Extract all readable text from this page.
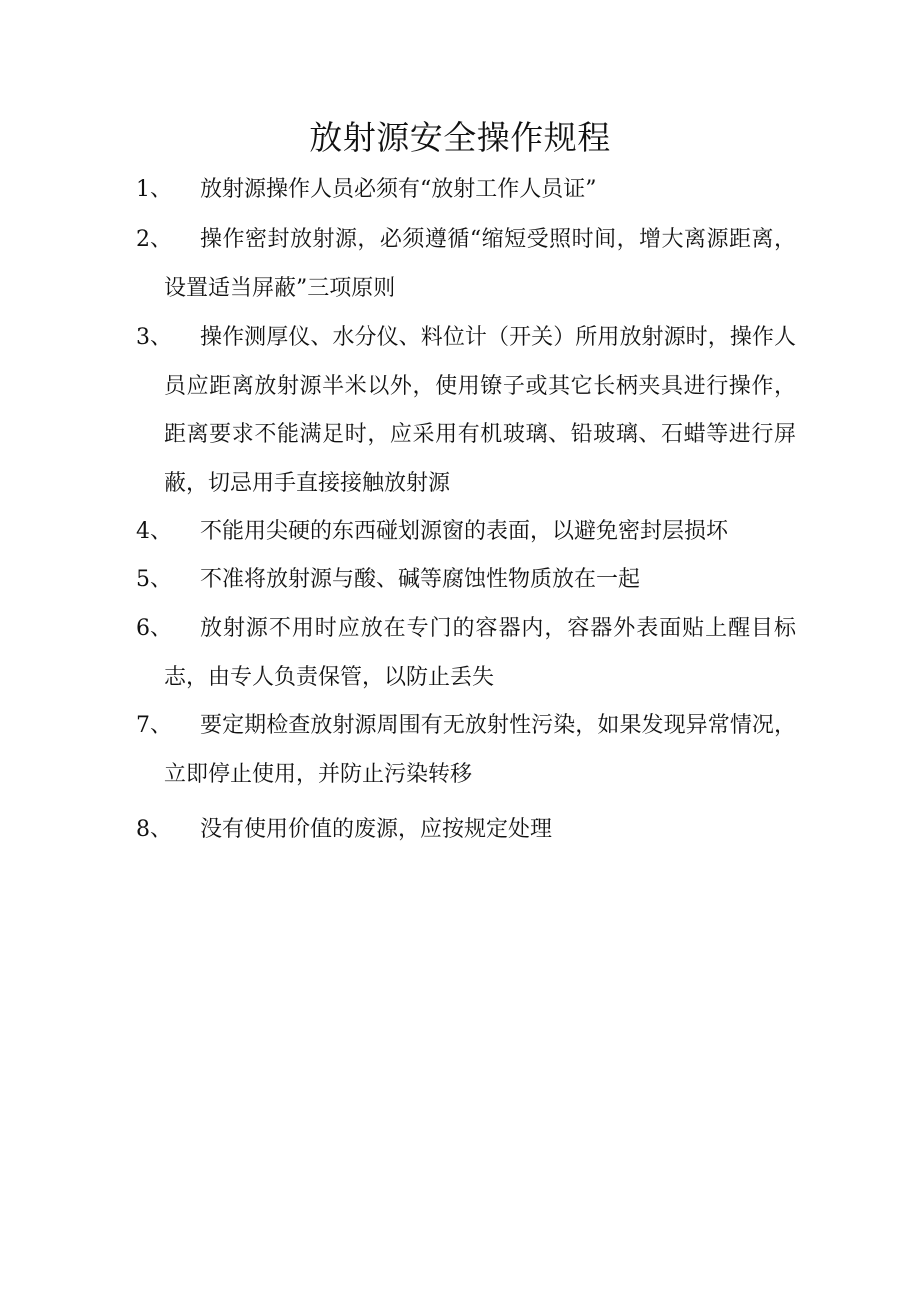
放射源安全操作规程
1、	放射源操作人员必须有“放射工作人员证”
2、	操作密封放射源，必须遵循“缩短受照时间，增大离源距离，设置适当屏蔽”三项原则
3、	操作测厚仪、水分仪、料位计（开关）所用放射源时，操作人员应距离放射源半米以外，使用镣子或其它长柄夹具进行操作，距离要求不能满足时，应采用有机玻璃、铅玻璃、石蜡等进行屏蔽，切忌用手直接接触放射源
4、	不能用尖硬的东西碰划源窗的表面，以避免密封层损坏
5、	不准将放射源与酸、碱等腐蚀性物质放在一起
6、	放射源不用时应放在专门的容器内，容器外表面贴上醒目标志，由专人负责保管，以防止丢失
7、	要定期检查放射源周围有无放射性污染，如果发现异常情况，立即停止使用，并防止污染转移
8、	没有使用价值的废源，应按规定处理
